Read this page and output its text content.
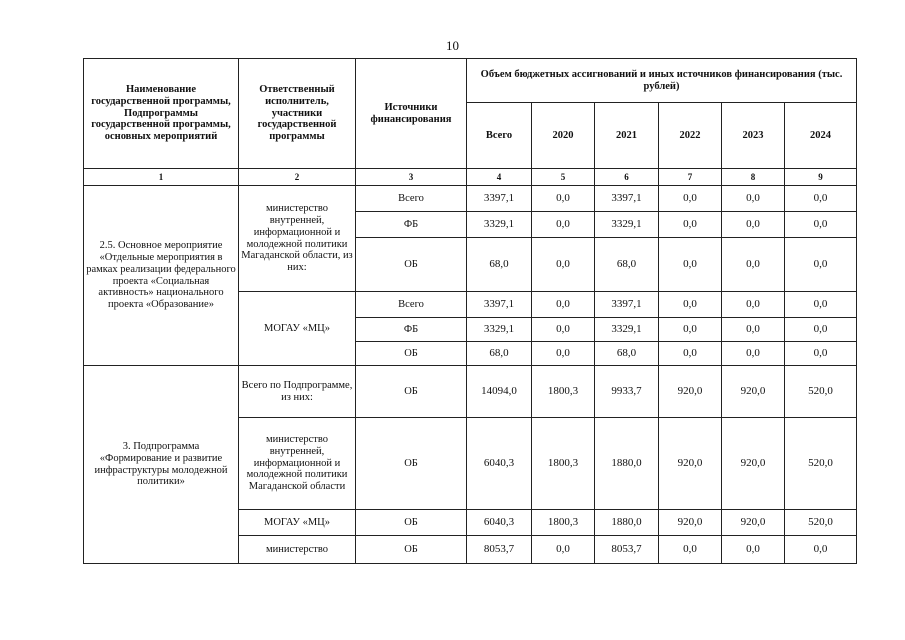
10
Наименование государственной программы, Подпрограммы государственной программы, основных мероприятий	Ответственный исполнитель, участники государственной программы	Источники финансирования	Объем бюджетных ассигнований и иных источников финансирования (тыс. рублей)					
			Всего	2020	2021	2022	2023	2024
1	2	3	4	5	6	7	8	9
2.5. Основное мероприятие «Отдельные мероприятия в рамках реализации федерального проекта «Социальная активность» национального проекта «Образование»	министерство внутренней, информационной и молодежной политики Магаданской области, из них:	Всего	3397,1	0,0	3397,1	0,0	0,0	0,0
		ФБ	3329,1	0,0	3329,1	0,0	0,0	0,0
		ОБ	68,0	0,0	68,0	0,0	0,0	0,0
	МОГАУ «МЦ»	Всего	3397,1	0,0	3397,1	0,0	0,0	0,0
		ФБ	3329,1	0,0	3329,1	0,0	0,0	0,0
		ОБ	68,0	0,0	68,0	0,0	0,0	0,0
3. Подпрограмма «Формирование и развитие инфраструктуры молодежной политики»	Всего по Подпрограмме, из них:	ОБ	14094,0	1800,3	9933,7	920,0	920,0	520,0
	министерство внутренней, информационной и молодежной политики Магаданской области	ОБ	6040,3	1800,3	1880,0	920,0	920,0	520,0
	МОГАУ «МЦ»	ОБ	6040,3	1800,3	1880,0	920,0	920,0	520,0
	министерство	ОБ	8053,7	0,0	8053,7	0,0	0,0	0,0
